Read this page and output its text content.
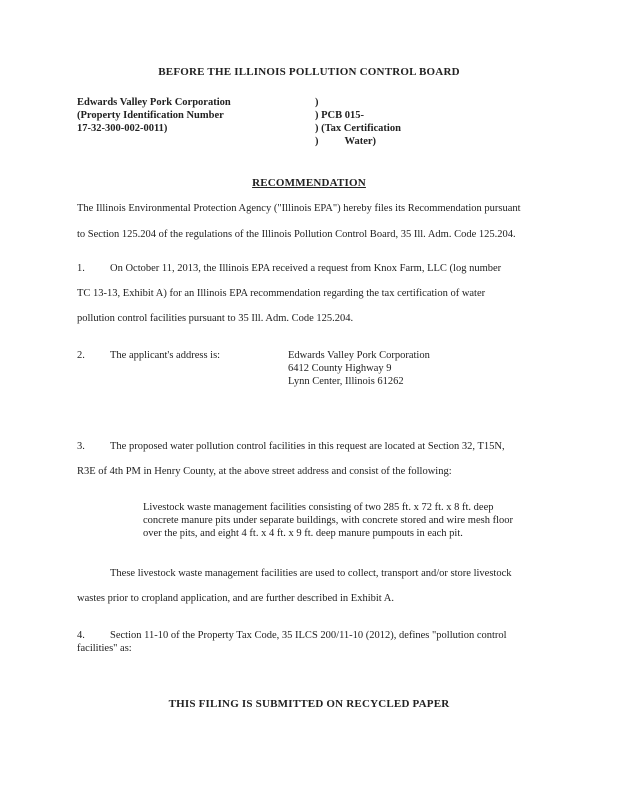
BEFORE THE ILLINOIS POLLUTION CONTROL BOARD
Edwards Valley Pork Corporation
(Property Identification Number
17-32-300-002-0011)
)
) PCB 015-
) (Tax Certification
)          Water)
RECOMMENDATION
The Illinois Environmental Protection Agency ("Illinois EPA") hereby files its Recommendation pursuant
to Section 125.204 of the regulations of the Illinois Pollution Control Board, 35 Ill. Adm. Code 125.204.
1. On October 11, 2013, the Illinois EPA received a request from Knox Farm, LLC (log number
TC 13-13, Exhibit A) for an Illinois EPA recommendation regarding the tax certification of water
pollution control facilities pursuant to 35 Ill. Adm. Code 125.204.
2. The applicant's address is:	Edwards Valley Pork Corporation
6412 County Highway 9
Lynn Center, Illinois 61262
3. The proposed water pollution control facilities in this request are located at Section 32, T15N,
R3E of 4th PM in Henry County, at the above street address and consist of the following:
Livestock waste management facilities consisting of two 285 ft. x 72 ft. x 8 ft. deep
concrete manure pits under separate buildings, with concrete stored and wire mesh floor
over the pits, and eight 4 ft. x 4 ft. x 9 ft. deep manure pumpouts in each pit.
These livestock waste management facilities are used to collect, transport and/or store livestock
wastes prior to cropland application, and are further described in Exhibit A.
4. Section 11-10 of the Property Tax Code, 35 ILCS 200/11-10 (2012), defines "pollution control
facilities" as:
THIS FILING IS SUBMITTED ON RECYCLED PAPER
